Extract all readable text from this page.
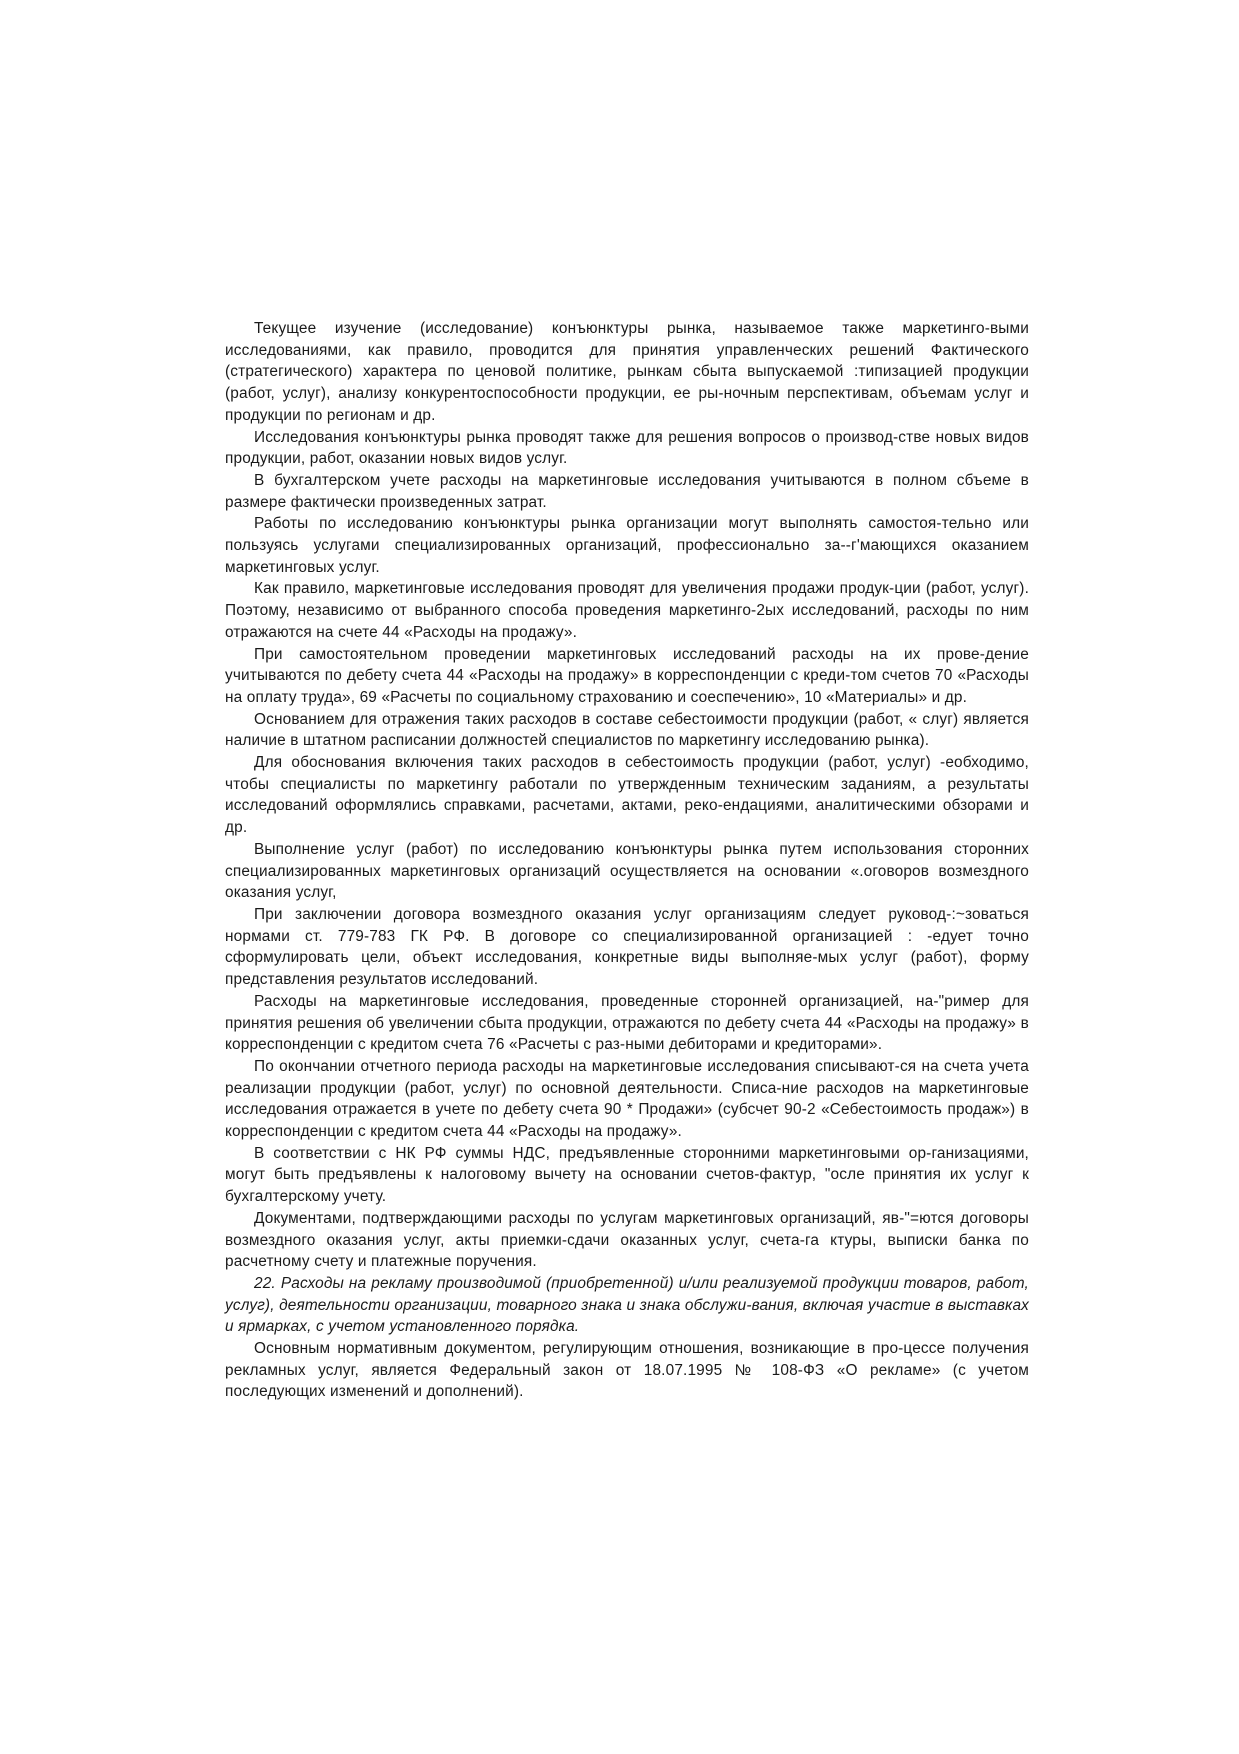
Текущее изучение (исследование) конъюнктуры рынка, называемое также маркетинго-выми исследованиями, как правило, проводится для принятия управленческих решений Фактического (стратегического) характера по ценовой политике, рынкам сбыта выпускаемой :типизацией продукции (работ, услуг), анализу конкурентоспособности продукции, ее ры-ночным перспективам, объемам услуг и продукции по регионам и др.

Исследования конъюнктуры рынка проводят также для решения вопросов о производ-стве новых видов продукции, работ, оказании новых видов услуг.

В бухгалтерском учете расходы на маркетинговые исследования учитываются в полном сбъеме в размере фактически произведенных затрат.

Работы по исследованию конъюнктуры рынка организации могут выполнять самостоя-тельно или пользуясь услугами специализированных организаций, профессионально за--г'мающихся оказанием маркетинговых услуг.

Как правило, маркетинговые исследования проводят для увеличения продажи продук-ции (работ, услуг). Поэтому, независимо от выбранного способа проведения маркетинго-2ых исследований, расходы по ним отражаются на счете 44 «Расходы на продажу».

При самостоятельном проведении маркетинговых исследований расходы на их прове-дение учитываются по дебету счета 44 «Расходы на продажу» в корреспонденции с креди-том счетов 70 «Расходы на оплату труда», 69 «Расчеты по социальному страхованию и соеспечению», 10 «Материалы» и др.

Основанием для отражения таких расходов в составе себестоимости продукции (работ, « слуг) является наличие в штатном расписании должностей специалистов по маркетингу исследованию рынка).

Для обоснования включения таких расходов в себестоимость продукции (работ, услуг) -еобходимо, чтобы специалисты по маркетингу работали по утвержденным техническим заданиям, а результаты исследований оформлялись справками, расчетами, актами, реко-ендациями, аналитическими обзорами и др.

Выполнение услуг (работ) по исследованию конъюнктуры рынка путем использования сторонних специализированных маркетинговых организаций осуществляется на основании «.оговоров возмездного оказания услуг,

При заключении договора возмездного оказания услуг организациям следует руковод-:~зоваться нормами ст. 779-783 ГК РФ. В договоре со специализированной организацией : -едует точно сформулировать цели, объект исследования, конкретные виды выполняе-мых услуг (работ), форму представления результатов исследований.

Расходы на маркетинговые исследования, проведенные сторонней организацией, на-"ример для принятия решения об увеличении сбыта продукции, отражаются по дебету счета 44 «Расходы на продажу» в корреспонденции с кредитом счета 76 «Расчеты с раз-ными дебиторами и кредиторами».

По окончании отчетного периода расходы на маркетинговые исследования списывают-ся на счета учета реализации продукции (работ, услуг) по основной деятельности. Списа-ние расходов на маркетинговые исследования отражается в учете по дебету счета 90 * Продажи» (субсчет 90-2 «Себестоимость продаж») в корреспонденции с кредитом счета 44 «Расходы на продажу».

В соответствии с НК РФ суммы НДС, предъявленные сторонними маркетинговыми ор-ганизациями, могут быть предъявлены к налоговому вычету на основании счетов-фактур, "осле принятия их услуг к бухгалтерскому учету.

Документами, подтверждающими расходы по услугам маркетинговых организаций, яв-"=ются договоры возмездного оказания услуг, акты приемки-сдачи оказанных услуг, счета-га ктуры, выписки банка по расчетному счету и платежные поручения.

22. Расходы на рекламу производимой (приобретенной) и/или реализуемой продукции товаров, работ, услуг), деятельности организации, товарного знака и знака обслужи-вания, включая участие в выставках и ярмарках, с учетом установленного порядка.

Основным нормативным документом, регулирующим отношения, возникающие в про-цессе получения рекламных услуг, является Федеральный закон от 18.07.1995 № 108-ФЗ «О рекламе» (с учетом последующих изменений и дополнений).
